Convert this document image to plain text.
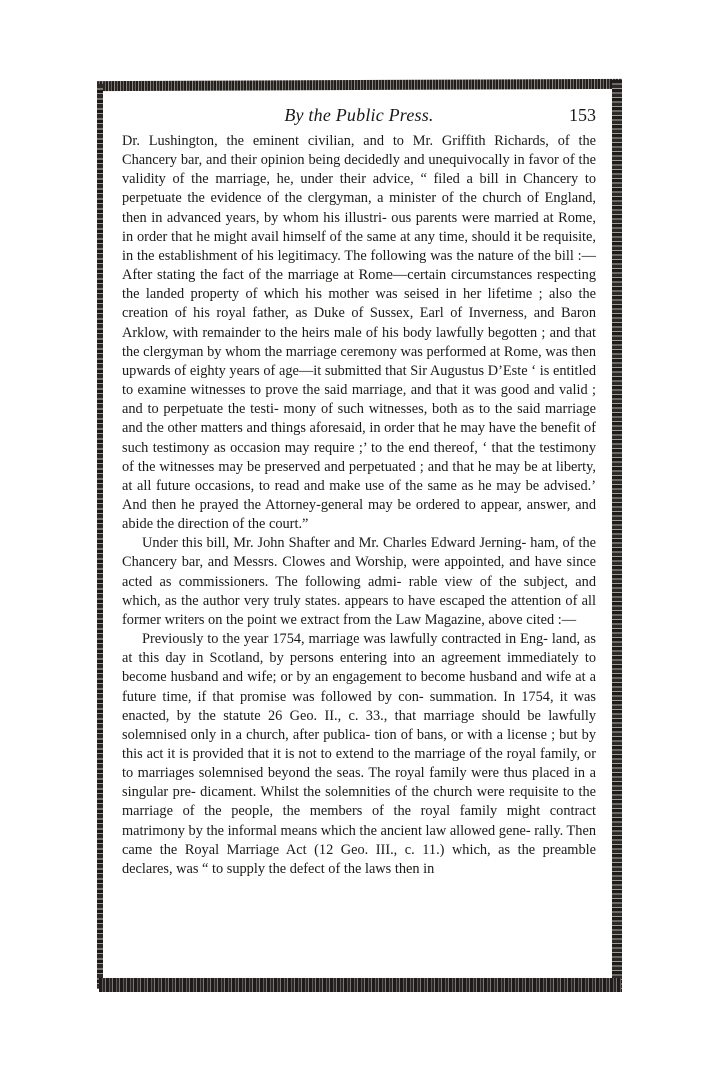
By the Public Press.	153

Dr. Lushington, the eminent civilian, and to Mr. Griffith Richards, of the Chancery bar, and their opinion being decidedly and unequivocally in favor of the validity of the marriage, he, under their advice, “ filed a bill in Chancery to perpetuate the evidence of the clergyman, a minister of the church of England, then in advanced years, by whom his illustri- ous parents were married at Rome, in order that he might avail himself of the same at any time, should it be requisite, in the establishment of his legitimacy. The following was the nature of the bill :—After stating the fact of the marriage at Rome—certain circumstances respecting the landed property of which his mother was seised in her lifetime ; also the creation of his royal father, as Duke of Sussex, Earl of Inverness, and Baron Arklow, with remainder to the heirs male of his body lawfully begotten ; and that the clergyman by whom the marriage ceremony was performed at Rome, was then upwards of eighty years of age—it submitted that Sir Augustus D’Este ‘ is entitled to examine witnesses to prove the said marriage, and that it was good and valid ; and to perpetuate the testi- mony of such witnesses, both as to the said marriage and the other matters and things aforesaid, in order that he may have the benefit of such testimony as occasion may require ;’ to the end thereof, ‘ that the testimony of the witnesses may be preserved and perpetuated ; and that he may be at liberty, at all future occasions, to read and make use of the same as he may be advised.’ And then he prayed the Attorney-general may be ordered to appear, answer, and abide the direction of the court.”

Under this bill, Mr. John Shafter and Mr. Charles Edward Jerning- ham, of the Chancery bar, and Messrs. Clowes and Worship, were appointed, and have since acted as commissioners. The following admi- rable view of the subject, and which, as the author very truly states. appears to have escaped the attention of all former writers on the point we extract from the Law Magazine, above cited :—

Previously to the year 1754, marriage was lawfully contracted in Eng- land, as at this day in Scotland, by persons entering into an agreement immediately to become husband and wife; or by an engagement to become husband and wife at a future time, if that promise was followed by con- summation. In 1754, it was enacted, by the statute 26 Geo. II., c. 33., that marriage should be lawfully solemnised only in a church, after publica- tion of bans, or with a license ; but by this act it is provided that it is not to extend to the marriage of the royal family, or to marriages solemnised beyond the seas. The royal family were thus placed in a singular pre- dicament. Whilst the solemnities of the church were requisite to the marriage of the people, the members of the royal family might contract matrimony by the informal means which the ancient law allowed gene- rally. Then came the Royal Marriage Act (12 Geo. III., c. 11.) which, as the preamble declares, was “ to supply the defect of the laws then in
